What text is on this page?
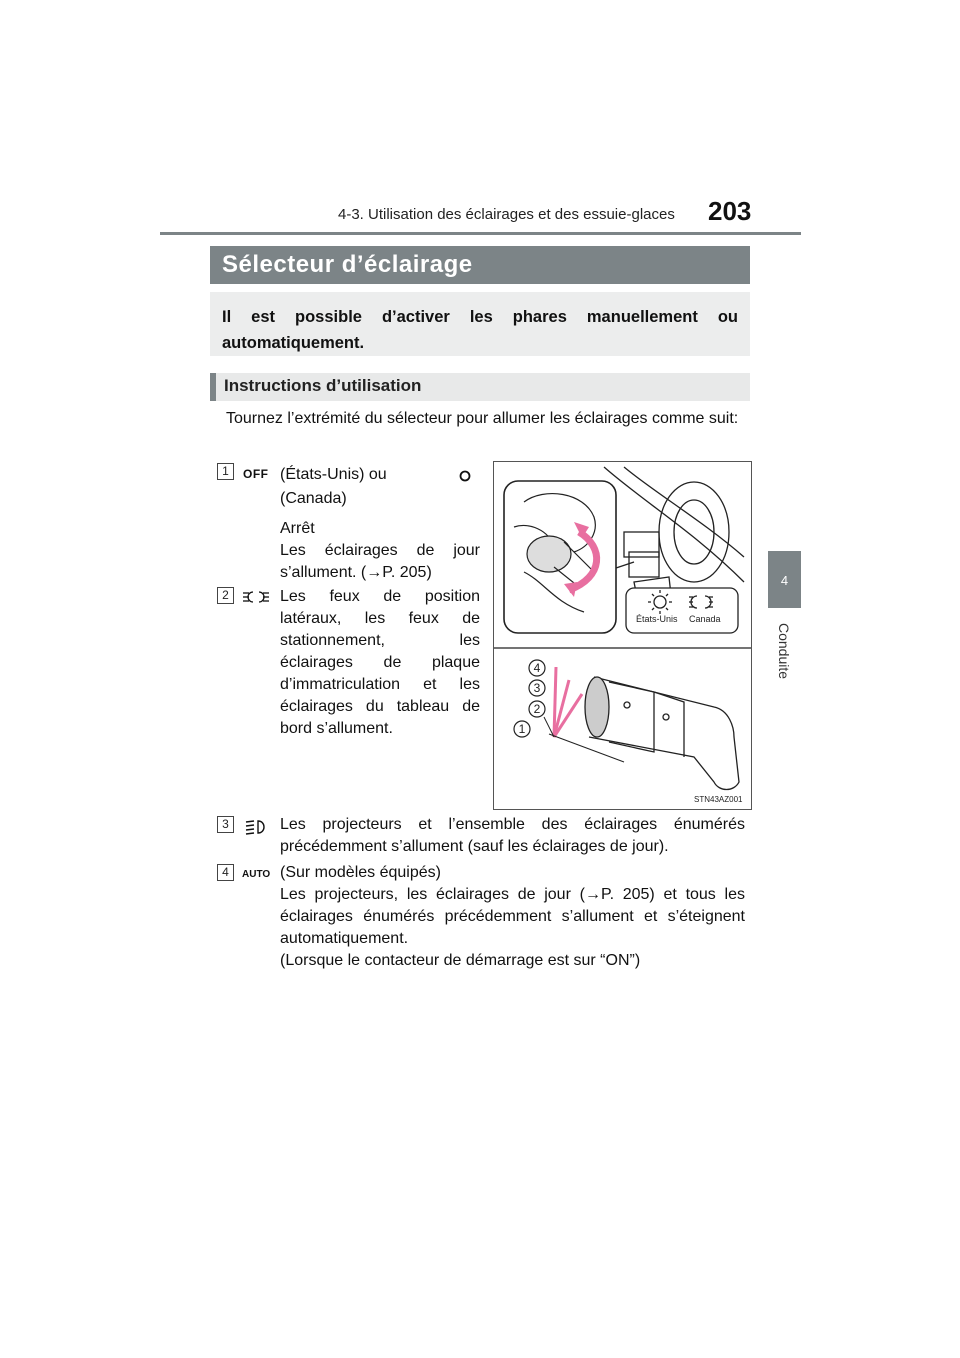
4-3. Utilisation des éclairages et des essuie-glaces 203
4
Conduite
Sélecteur d’éclairage

Il est possible d’activer les phares manuellement ou automatiquement.

Instructions d’utilisation

Tournez l’extrémité du sélecteur pour allumer les éclairages comme suit:

1	OFF (États-Unis) ou

(Canada)

Arrêt

Les éclairages de jour s’allument. (→P. 205)

2	Les feux de position latéraux, les feux de stationnement, les éclairages de plaque d’immatriculation et les éclairages du tableau de bord s’allument.

4
3
2
1
États-Unis Canada
STN43AZ001
3	Les projecteurs et l’ensemble des éclairages énumérés précédemment s’allument (sauf les éclairages de jour).

4	AUTO (Sur modèles équipés)

Les projecteurs, les éclairages de jour (→P. 205) et tous les éclairages énumérés précédemment s’allument et s’éteignent automatiquement.

(Lorsque le contacteur de démarrage est sur “ON”)
